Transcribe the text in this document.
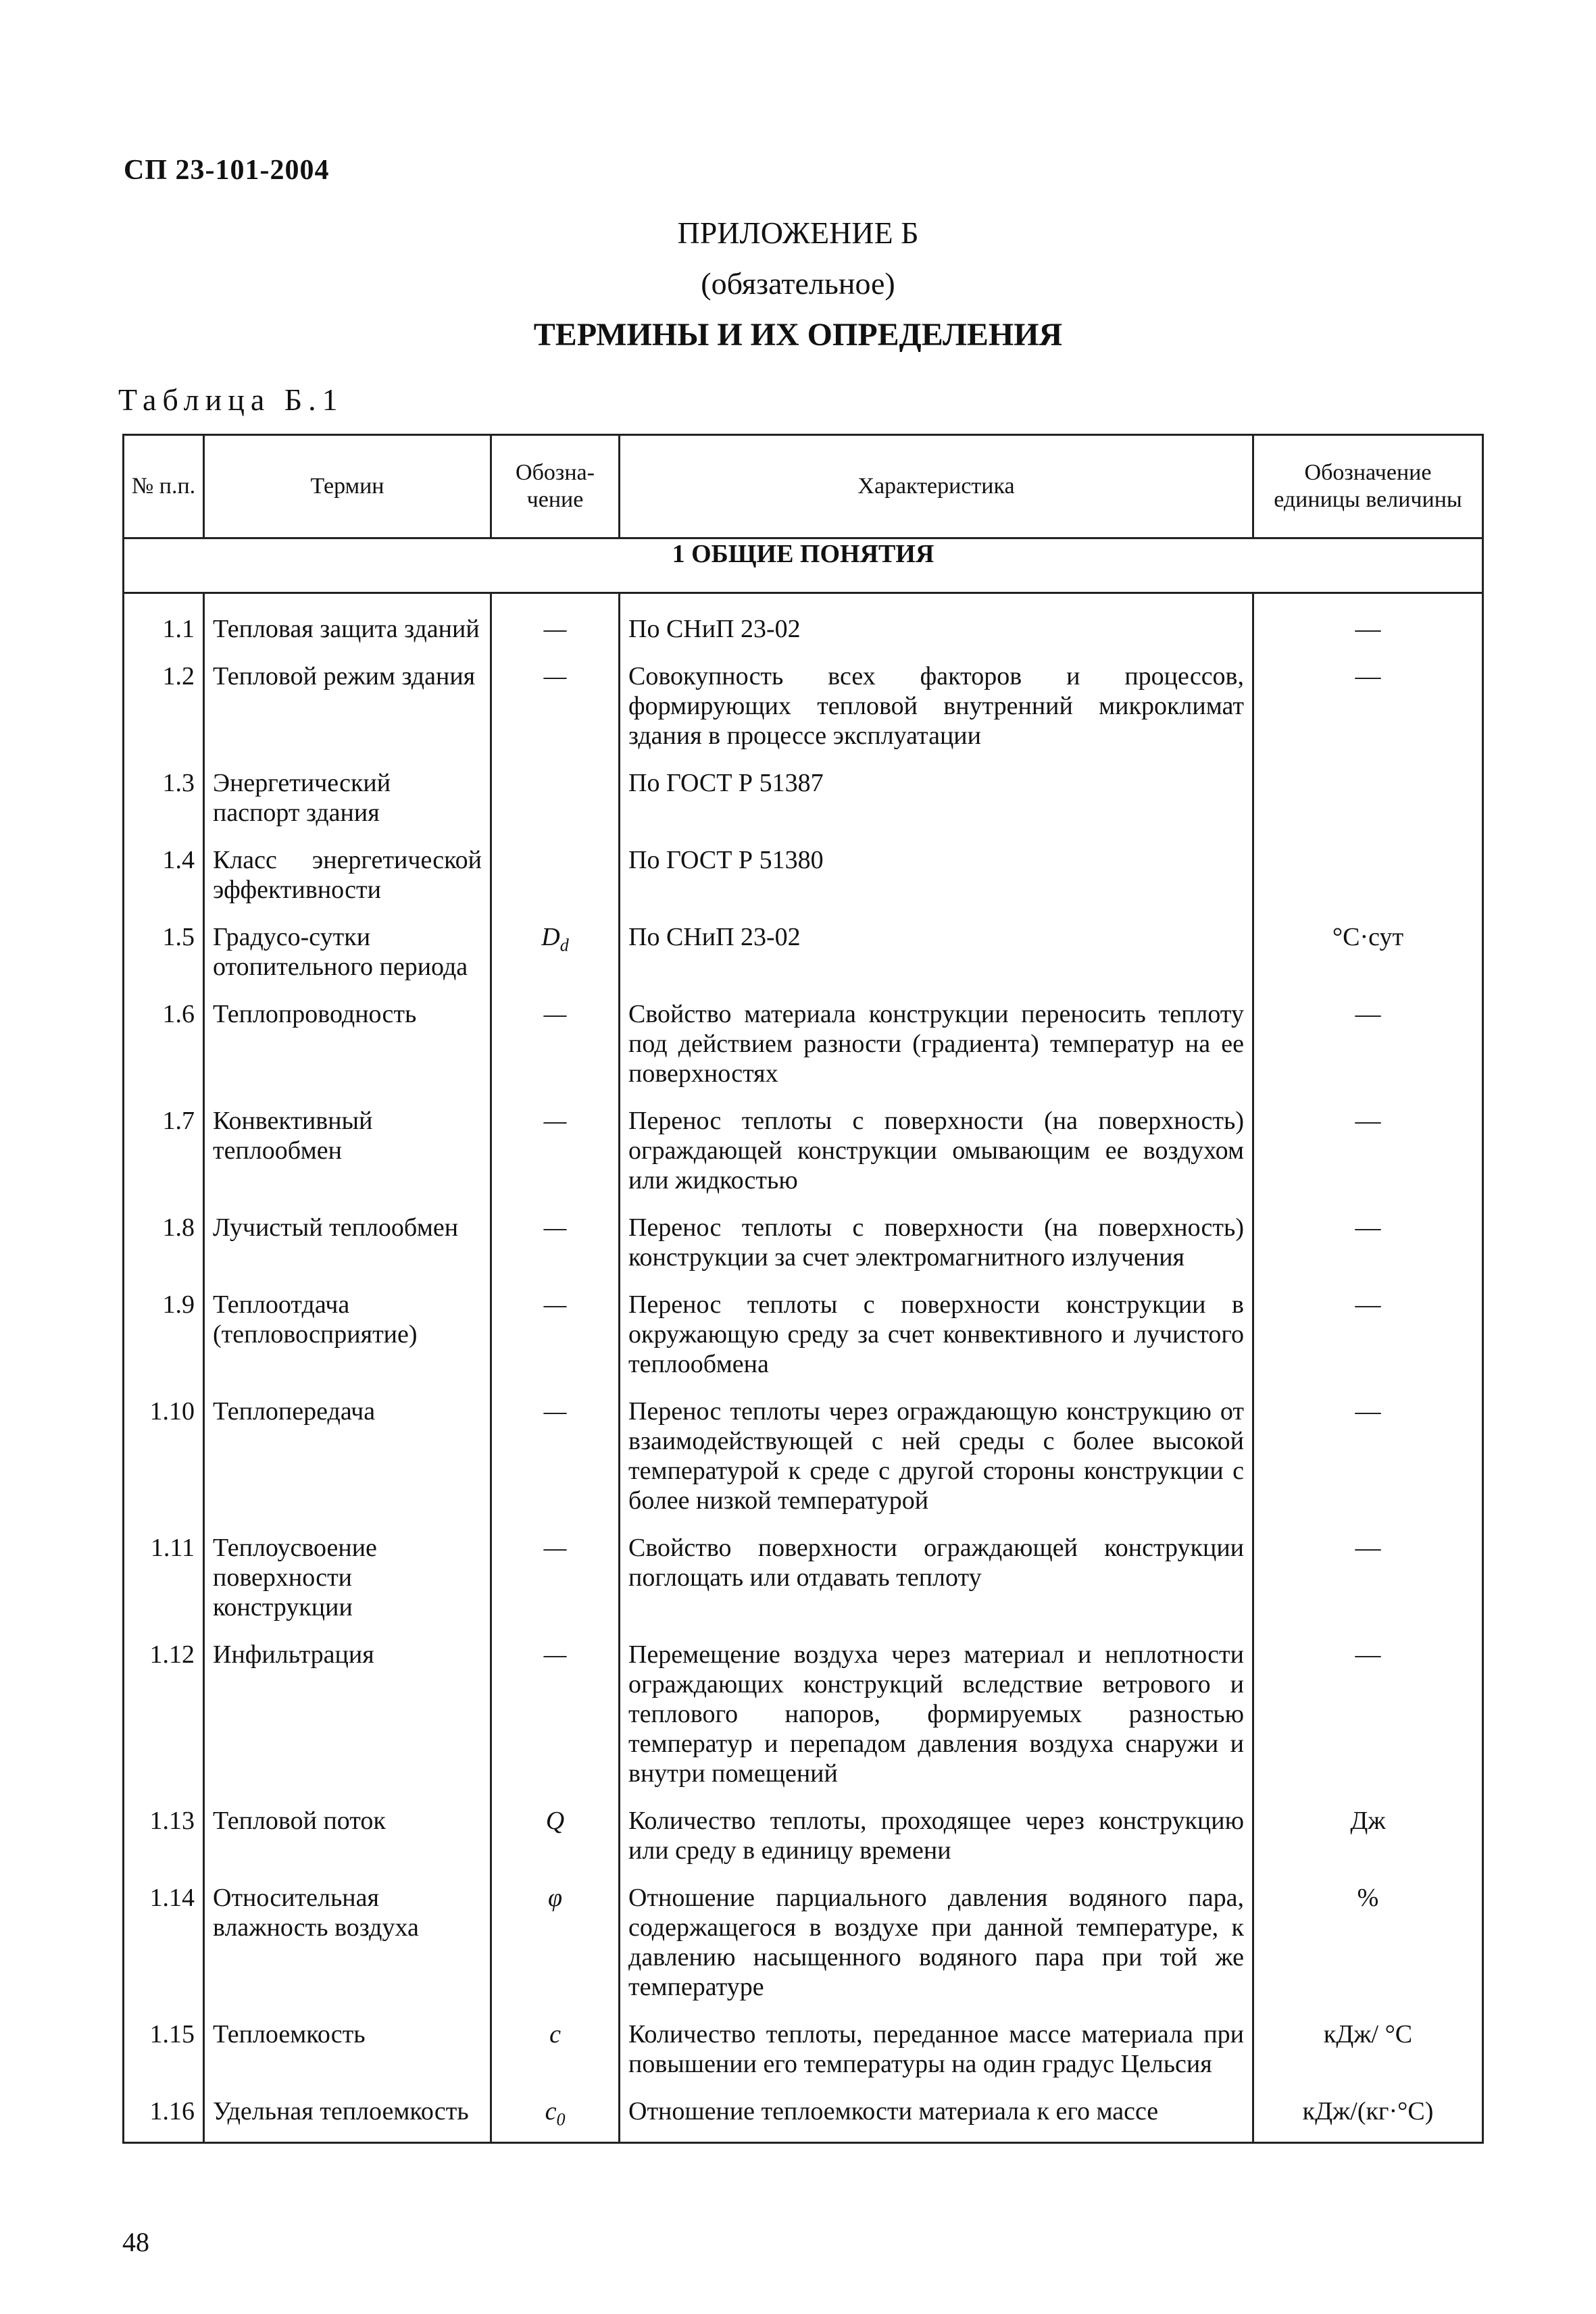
СП 23-101-2004
ПРИЛОЖЕНИЕ Б
(обязательное)
ТЕРМИНЫ И ИХ ОПРЕДЕЛЕНИЯ
Таблица Б.1
№ п.п.	Термин	Обозна-чение	Характеристика	Обозначение единицы величины
1 ОБЩИЕ ПОНЯТИЯ				
1.1	Тепловая защита зданий	—	По СНиП 23-02	—
1.2	Тепловой режим здания	—	Совокупность всех факторов и процессов, формирующих тепловой внутренний микроклимат здания в процессе эксплуатации	—
1.3	Энергетический паспорт здания		По ГОСТ Р 51387	
1.4	Класс энергетической эффективности		По ГОСТ Р 51380	
1.5	Градусо-сутки отопительного периода	$D_d$	По СНиП 23-02	°С·сут
1.6	Теплопроводность	—	Свойство материала конструкции переносить теплоту под действием разности (градиента) температур на ее поверхностях	—
1.7	Конвективный теплообмен	—	Перенос теплоты с поверхности (на поверхность) ограждающей конструкции омывающим ее воздухом или жидкостью	—
1.8	Лучистый теплообмен	—	Перенос теплоты с поверхности (на поверхность) конструкции за счет электромагнитного излучения	—
1.9	Теплоотдача (тепловосприятие)	—	Перенос теплоты с поверхности конструкции в окружающую среду за счет конвективного и лучистого теплообмена	—
1.10	Теплопередача	—	Перенос теплоты через ограждающую конструкцию от взаимодействующей с ней среды с более высокой температурой к среде с другой стороны конструкции с более низкой температурой	—
1.11	Теплоусвоение поверхности конструкции	—	Свойство поверхности ограждающей конструкции поглощать или отдавать теплоту	—
1.12	Инфильтрация	—	Перемещение воздуха через материал и неплотности ограждающих конструкций вследствие ветрового и теплового напоров, формируемых разностью температур и перепадом давления воздуха снаружи и внутри помещений	—
1.13	Тепловой поток	Q	Количество теплоты, проходящее через конструкцию или среду в единицу времени	Дж
1.14	Относительная влажность воздуха	φ	Отношение парциального давления водяного пара, содержащегося в воздухе при данной температуре, к давлению насыщенного водяного пара при той же температуре	%
1.15	Теплоемкость	c	Количество теплоты, переданное массе материала при повышении его температуры на один градус Цельсия	кДж/ °С
1.16	Удельная теплоемкость	$c_0$	Отношение теплоемкости материала к его массе	кДж/(кг·°С)
48
